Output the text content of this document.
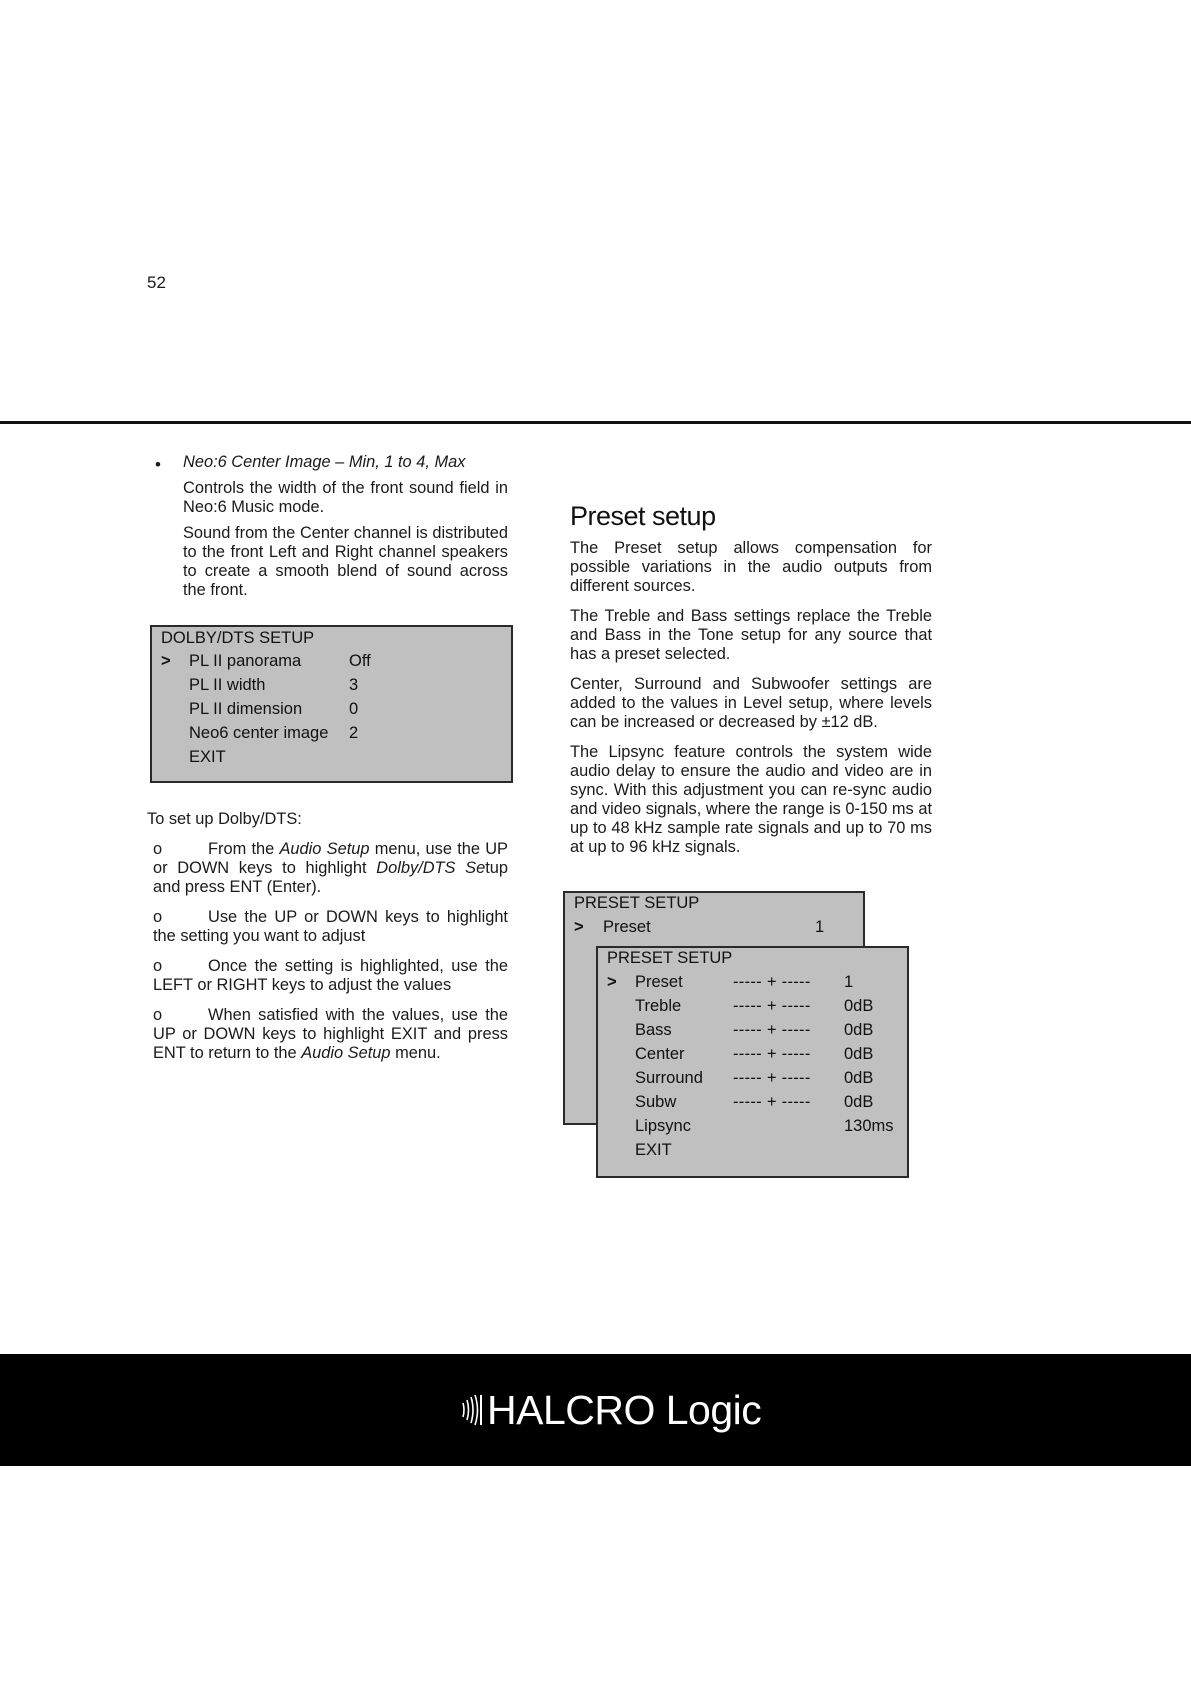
52
• Neo:6 Center Image – Min, 1 to 4, Max

Controls the width of the front sound field in Neo:6 Music mode.

Sound from the Center channel is distributed to the front Left and Right channel speakers to create a smooth blend of sound across the front.

DOLBY/DTS SETUP
> PL II panorama	Off
PL II width	3
PL II dimension	0
Neo6 center image 2
EXIT

To set up Dolby/DTS:

o	From the Audio Setup menu, use the UP or DOWN keys to highlight Dolby/DTS Setup and press ENT (Enter).

o	Use the UP or DOWN keys to highlight the setting you want to adjust

o	Once the setting is highlighted, use the LEFT or RIGHT keys to adjust the values

o	When satisfied with the values, use the UP or DOWN keys to highlight EXIT and press ENT to return to the Audio Setup menu.

Preset setup

The Preset setup allows compensation for possible variations in the audio outputs from different sources.

The Treble and Bass settings replace the Treble and Bass in the Tone setup for any source that has a preset selected.

Center, Surround and Subwoofer settings are added to the values in Level setup, where levels can be increased or decreased by ±12 dB.

The Lipsync feature controls the system wide audio delay to ensure the audio and video are in sync. With this adjustment you can re-sync audio and video signals, where the range is 0-150 ms at up to 48 kHz sample rate signals and up to 70 ms at up to 96 kHz signals.

PRESET SETUP
> Preset	1
PRESET SETUP
> Preset	----- + ----- 1
Treble	----- + ----- 0dB
Bass	----- + ----- 0dB
Center	----- + ----- 0dB
Surround ----- + ----- 0dB
Subw	----- + ----- 0dB
Lipsync	130ms
EXIT
HALCRO Logic
